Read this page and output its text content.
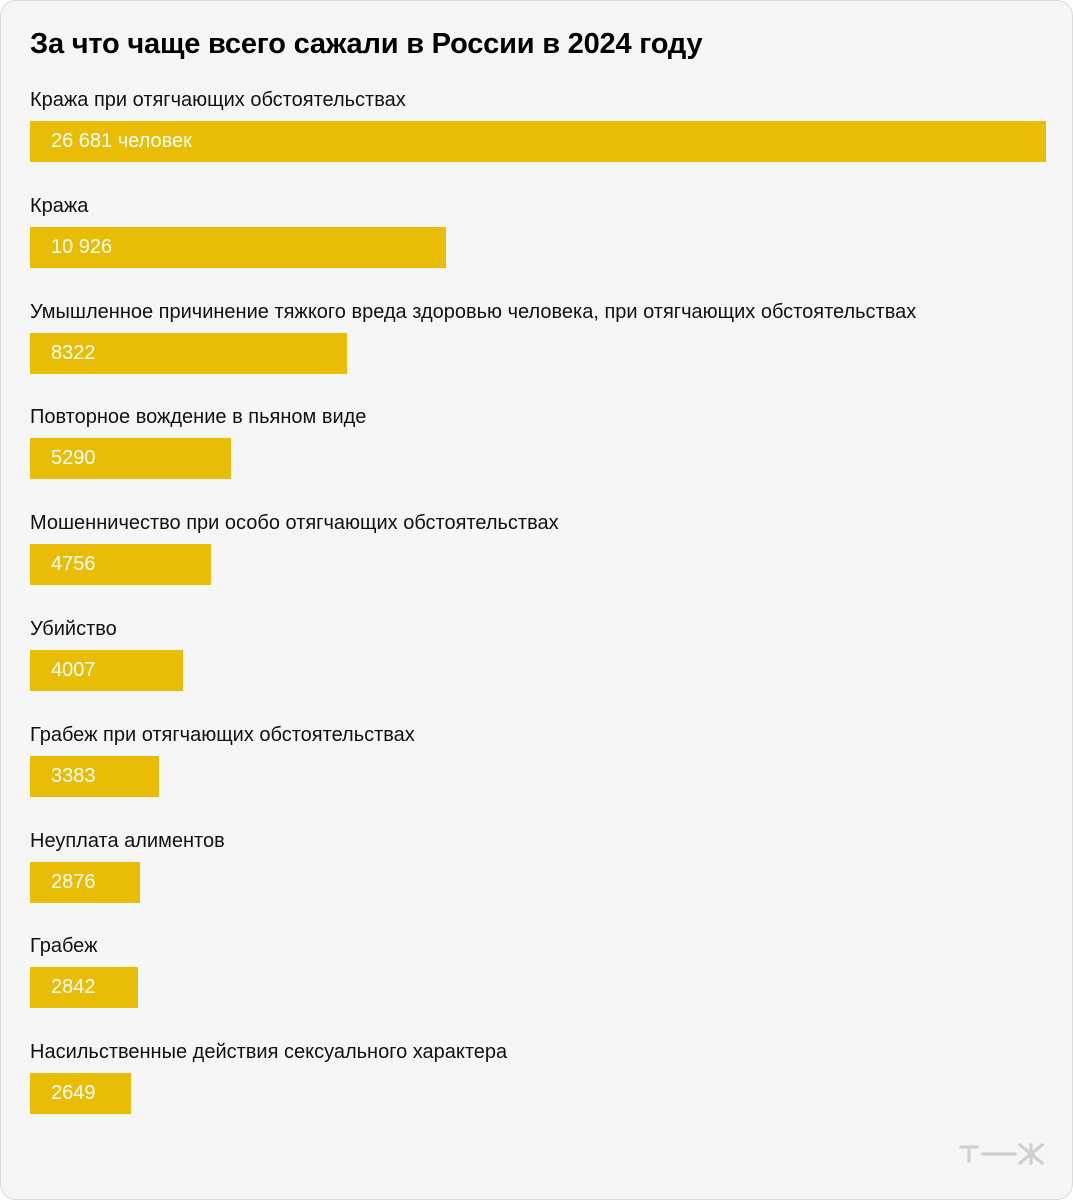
За что чаще всего сажали в России в 2024 году
Кража при отягчающих обстоятельствах
26 681 человек
Кража
10 926
Умышленное причинение тяжкого вреда здоровью человека, при отягчающих обстоятельствах
8322
Повторное вождение в пьяном виде
5290
Мошенничество при особо отягчающих обстоятельствах
4756
Убийство
4007
Грабеж при отягчающих обстоятельствах
3383
Неуплата алиментов
2876
Грабеж
2842
Насильственные действия сексуального характера
2649
